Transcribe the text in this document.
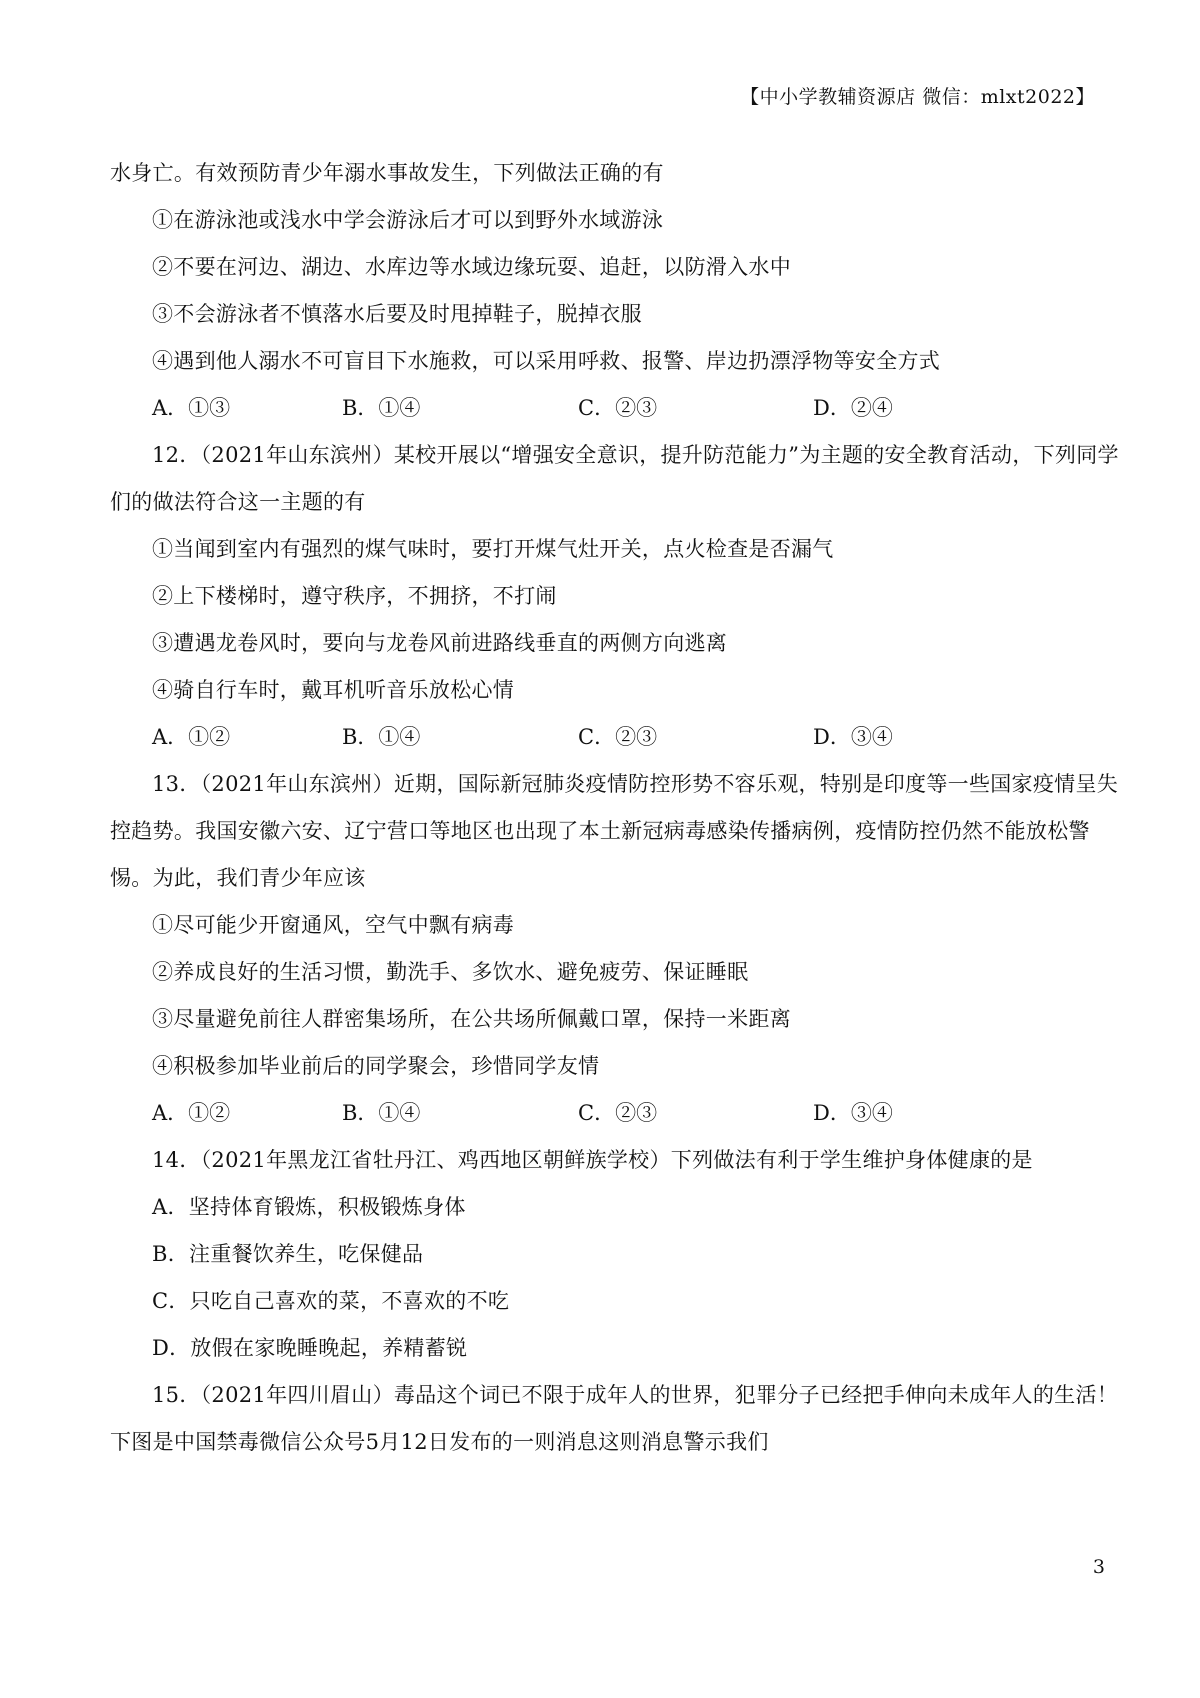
【中小学教辅资源店 微信：mlxt2022】
水身亡。有效预防青少年溺水事故发生，下列做法正确的有
①在游泳池或浅水中学会游泳后才可以到野外水域游泳
②不要在河边、湖边、水库边等水域边缘玩耍、追赶，以防滑入水中
③不会游泳者不慎落水后要及时甩掉鞋子，脱掉衣服
④遇到他人溺水不可盲目下水施救，可以采用呼救、报警、岸边扔漂浮物等安全方式
A．①③	B．①④	C．②③	D．②④
12．（2021年山东滨州）某校开展以“增强安全意识，提升防范能力”为主题的安全教育活动，下列同学
们的做法符合这一主题的有
①当闻到室内有强烈的煤气味时，要打开煤气灶开关，点火检查是否漏气
②上下楼梯时，遵守秩序，不拥挤，不打闹
③遭遇龙卷风时，要向与龙卷风前进路线垂直的两侧方向逃离
④骑自行车时，戴耳机听音乐放松心情
A．①②	B．①④	C．②③	D．③④
13．（2021年山东滨州）近期，国际新冠肺炎疫情防控形势不容乐观，特别是印度等一些国家疫情呈失
控趋势。我国安徽六安、辽宁营口等地区也出现了本土新冠病毒感染传播病例，疫情防控仍然不能放松警
惕。为此，我们青少年应该
①尽可能少开窗通风，空气中飘有病毒
②养成良好的生活习惯，勤洗手、多饮水、避免疲劳、保证睡眠
③尽量避免前往人群密集场所，在公共场所佩戴口罩，保持一米距离
④积极参加毕业前后的同学聚会，珍惜同学友情
A．①②	B．①④	C．②③	D．③④
14．（2021年黑龙江省牡丹江、鸡西地区朝鲜族学校）下列做法有利于学生维护身体健康的是
A．坚持体育锻炼，积极锻炼身体
B．注重餐饮养生，吃保健品
C．只吃自己喜欢的菜，不喜欢的不吃
D．放假在家晚睡晚起，养精蓄锐
15．（2021年四川眉山）毒品这个词已不限于成年人的世界，犯罪分子已经把手伸向未成年人的生活！
下图是中国禁毒微信公众号5月12日发布的一则消息这则消息警示我们
3
